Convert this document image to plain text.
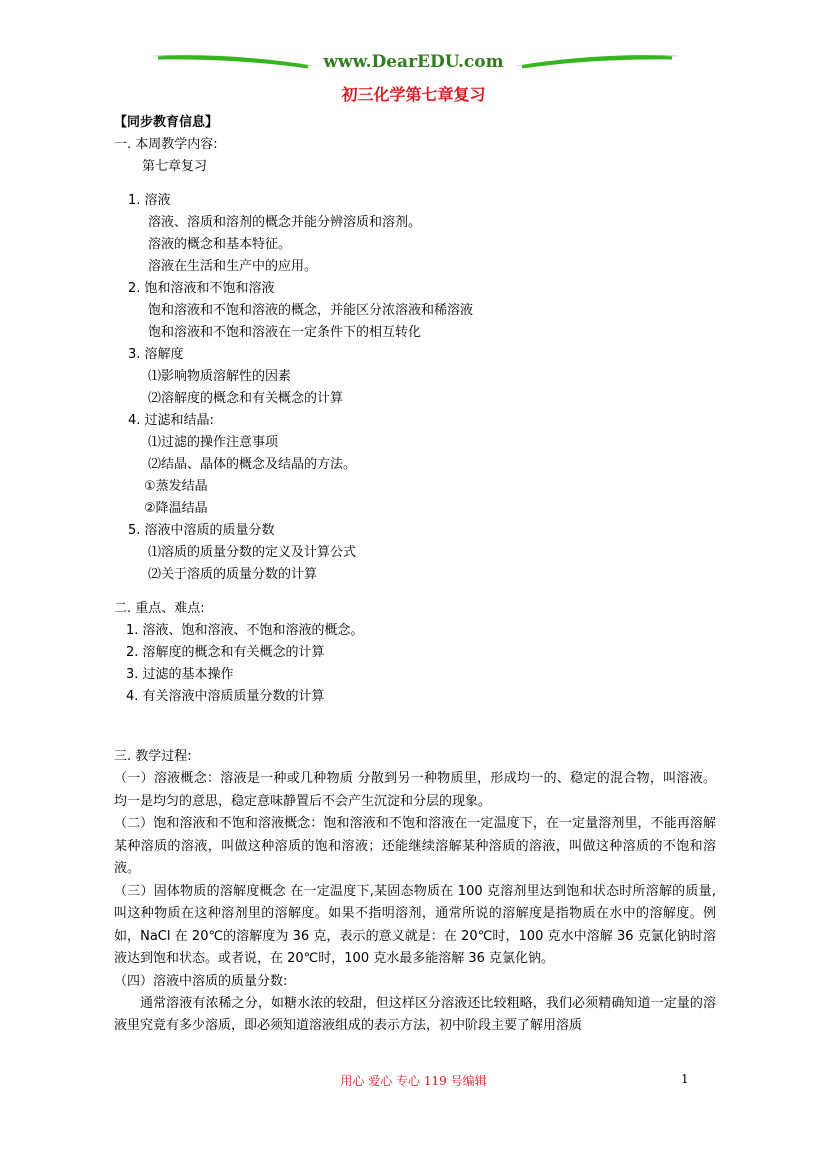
www.DearEDU.com
初三化学第七章复习
【同步教育信息】
一. 本周教学内容:
第七章复习
1. 溶液
溶液、溶质和溶剂的概念并能分辨溶质和溶剂。
溶液的概念和基本特征。
溶液在生活和生产中的应用。
2. 饱和溶液和不饱和溶液
饱和溶液和不饱和溶液的概念，并能区分浓溶液和稀溶液
饱和溶液和不饱和溶液在一定条件下的相互转化
3. 溶解度
⑴影响物质溶解性的因素
⑵溶解度的概念和有关概念的计算
4. 过滤和结晶:
⑴过滤的操作注意事项
⑵结晶、晶体的概念及结晶的方法。
①蒸发结晶
②降温结晶
5. 溶液中溶质的质量分数
⑴溶质的质量分数的定义及计算公式
⑵关于溶质的质量分数的计算
二. 重点、难点:
1. 溶液、饱和溶液、不饱和溶液的概念。
2. 溶解度的概念和有关概念的计算
3. 过滤的基本操作
4. 有关溶液中溶质质量分数的计算
三. 教学过程:

（一）溶液概念：溶液是一种或几种物质 分散到另一种物质里，形成均一的、稳定的混合物，叫溶液。均一是均匀的意思，稳定意味静置后不会产生沉淀和分层的现象。

（二）饱和溶液和不饱和溶液概念：饱和溶液和不饱和溶液在一定温度下，在一定量溶剂里，不能再溶解某种溶质的溶液，叫做这种溶质的饱和溶液；还能继续溶解某种溶质的溶液，叫做这种溶质的不饱和溶液。

（三）固体物质的溶解度概念 在一定温度下,某固态物质在 100 克溶剂里达到饱和状态时所溶解的质量,叫这种物质在这种溶剂里的溶解度。如果不指明溶剂，通常所说的溶解度是指物质在水中的溶解度。例如，NaCl 在 20℃的溶解度为 36 克，表示的意义就是：在 20℃时，100 克水中溶解 36 克氯化钠时溶液达到饱和状态。或者说，在 20℃时，100 克水最多能溶解 36 克氯化钠。

（四）溶液中溶质的质量分数:

通常溶液有浓稀之分，如糖水浓的较甜，但这样区分溶液还比较粗略，我们必须精确知道一定量的溶液里究竟有多少溶质，即必须知道溶液组成的表示方法，初中阶段主要了解用溶质

用心 爱心 专心 119 号编辑	1
